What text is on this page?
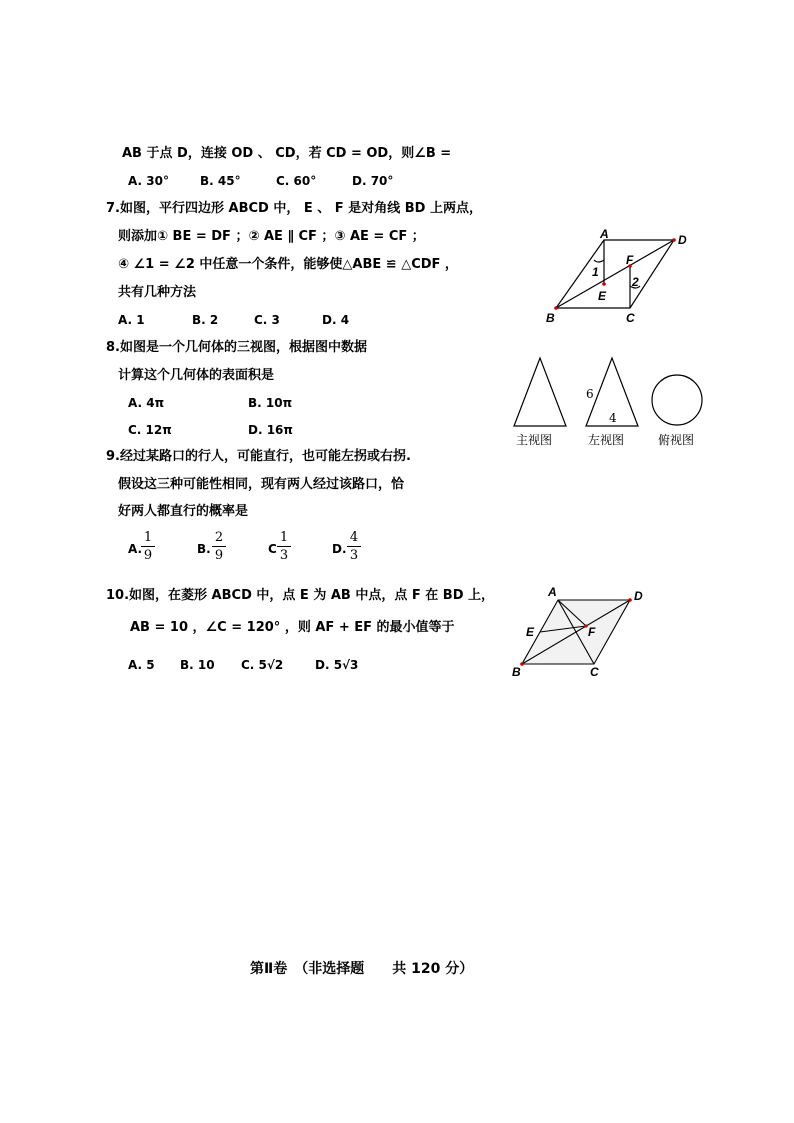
AB 于点 D，连接 OD 、 CD，若 CD = OD，则∠B =
A. 30°	B. 45°	C. 60°	D. 70°
7.如图，平行四边形 ABCD 中， E 、 F 是对角线 BD 上两点，
则添加① BE = DF ；② AE ∥ CF ；③ AE = CF ；
④ ∠1 = ∠2 中任意一个条件，能够使△ABE ≌ △CDF ，
共有几种方法
A. 1	B. 2	C. 3	D. 4
A	D
B	C
E
F
1
2
8.如图是一个几何体的三视图，根据图中数据
计算这个几何体的表面积是
A. 4π	B. 10π
C. 12π	D. 16π
6
4
主视图	左视图	俯视图
9.经过某路口的行人，可能直行，也可能左拐或右拐.
假设这三种可能性相同，现有两人经过该路口，恰
好两人都直行的概率是
A.
1
9	B.
2
9	C
1
3	D.
4
3
10.如图，在菱形 ABCD 中，点 E 为 AB 中点，点 F 在 BD 上，
AB = 10 ，∠C = 120° ，则 AF + EF 的最小值等于
A. 5 B. 10 C. 5√2	D. 5√3
A	D
B	C
E	F
第Ⅱ卷　（非选择题　　共 120 分）
